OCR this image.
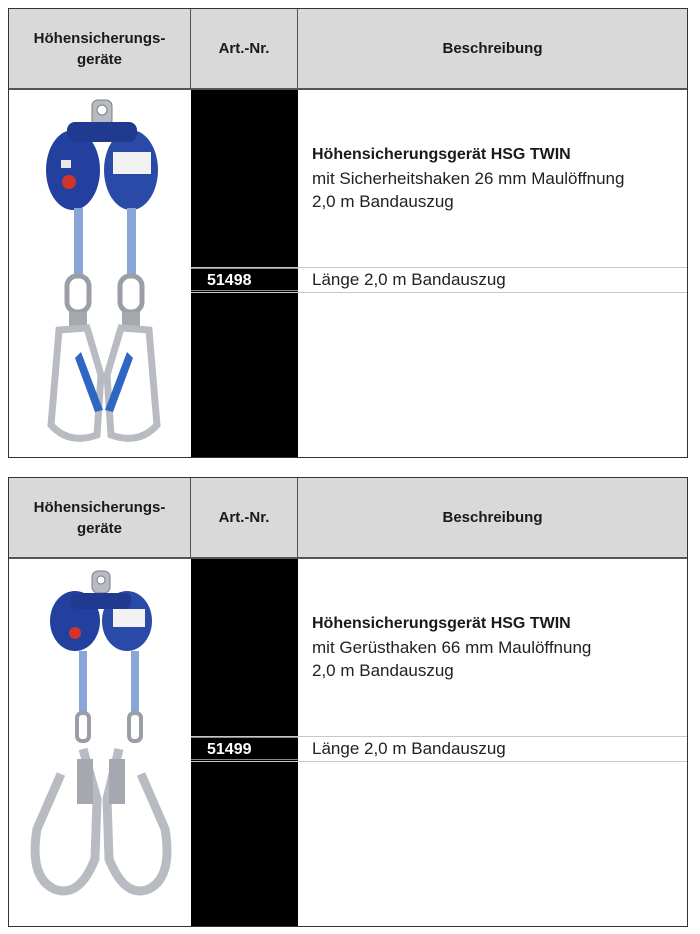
Höhensicherungs-
geräte
Art.-Nr.	Beschreibung
Höhensicherungsgerät HSG TWIN
mit Sicherheitshaken 26 mm Maulöffnung
2,0 m Bandauszug
51498	Länge 2,0 m Bandauszug
Höhensicherungs-
geräte
Art.-Nr.	Beschreibung
Höhensicherungsgerät HSG TWIN
mit Gerüsthaken 66 mm Maulöffnung
2,0 m Bandauszug
51499	Länge 2,0 m Bandauszug
